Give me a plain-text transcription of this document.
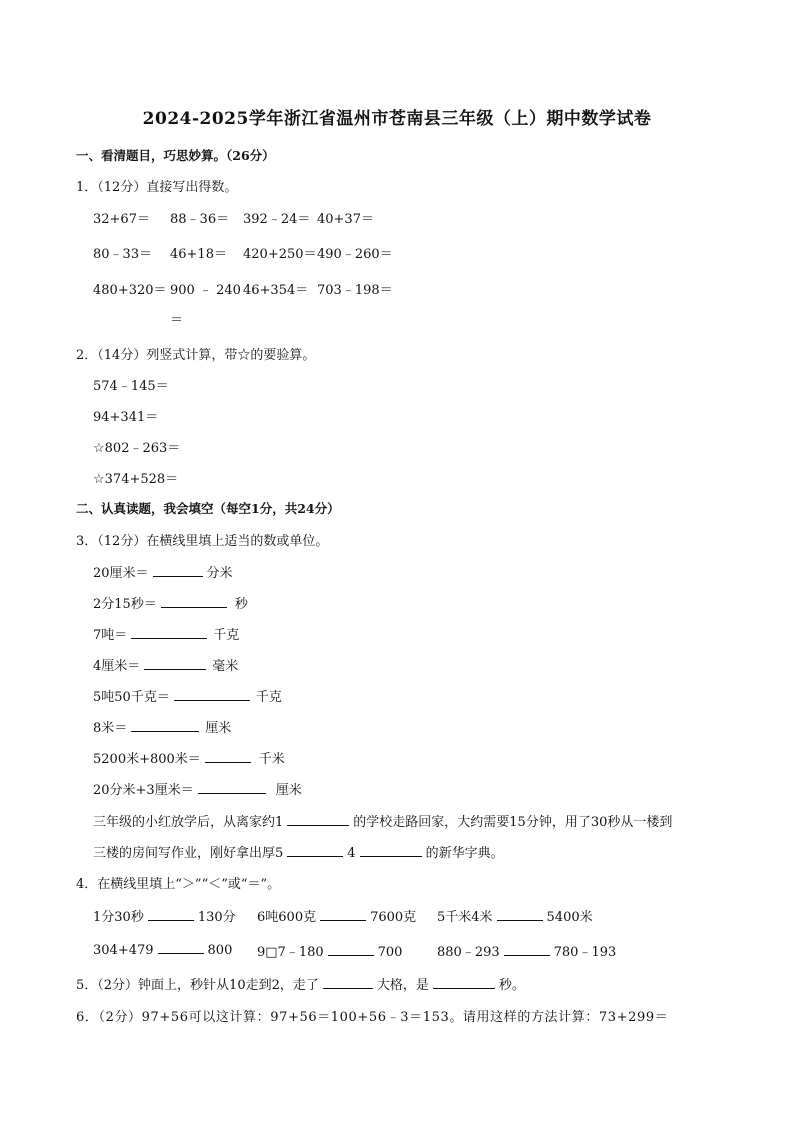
2024-2025学年浙江省温州市苍南县三年级（上）期中数学试卷
一、看清题目，巧思妙算。（26分）
1．（12分）直接写出得数。
32+67＝ 88﹣36＝ 392﹣24＝ 40+37＝
80﹣33＝ 46+18＝ 420+250＝ 490﹣260＝
480+320＝ 900 ﹣ 240 46+354＝ 703﹣198＝
＝
2．（14分）列竖式计算，带☆的要验算。
574﹣145＝
94+341＝
☆802﹣263＝
☆374+528＝
二、认真读题，我会填空（每空1分，共24分）
3．（12分）在横线里填上适当的数或单位。
20厘米＝	分米
2分15秒＝	秒
7吨＝	千克
4厘米＝	毫米
5吨50千克＝	千克
8米＝	厘米
5200米+800米＝	千米
20分米+3厘米＝	厘米
三年级的小红放学后，从离家约1	的学校走路回家，大约需要15分钟，用了30秒从一楼到
三楼的房间写作业，刚好拿出厚5	4	的新华字典。
4．在横线里填上“＞”“＜”或“＝”。
1分30秒	130分 6吨600克	7600克 5千米4米	5400米
304+479	800 9□7﹣180	700	880﹣293	780﹣193
5．（2分）钟面上，秒针从10走到2，走了	大格，是	秒。
6．（2分）97+56可以这计算：97+56＝100+56﹣3＝153。请用这样的方法计算：73+299＝
